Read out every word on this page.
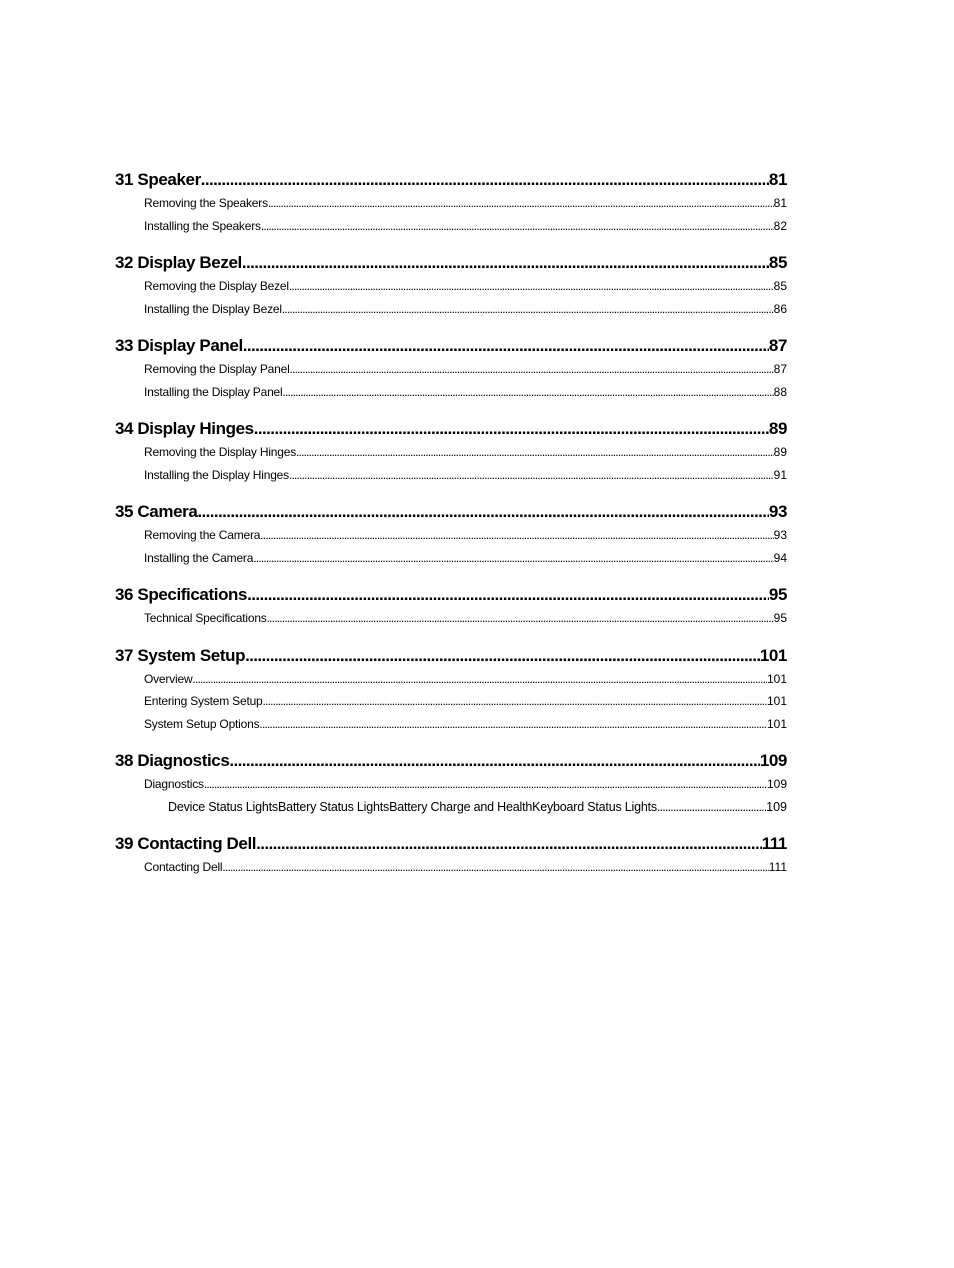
31 Speaker .....	81
Removing the Speakers .....	81
Installing the Speakers .....	82
32 Display Bezel .....	85
Removing the Display Bezel .....	85
Installing the Display Bezel .....	86
33 Display Panel .....	87
Removing the Display Panel .....	87
Installing the Display Panel .....	88
34 Display Hinges .....	89
Removing the Display Hinges .....	89
Installing the Display Hinges .....	91
35 Camera .....	93
Removing the Camera .....	93
Installing the Camera .....	94
36 Specifications .....	95
Technical Specifications .....	95
37 System Setup .....	101
Overview .....	101
Entering System Setup .....	101
System Setup Options .....	101
38 Diagnostics .....	109
Diagnostics .....	109
Device Status LightsBattery Status LightsBattery Charge and HealthKeyboard Status Lights .....	109
39 Contacting Dell .....	111
Contacting Dell .....	111
